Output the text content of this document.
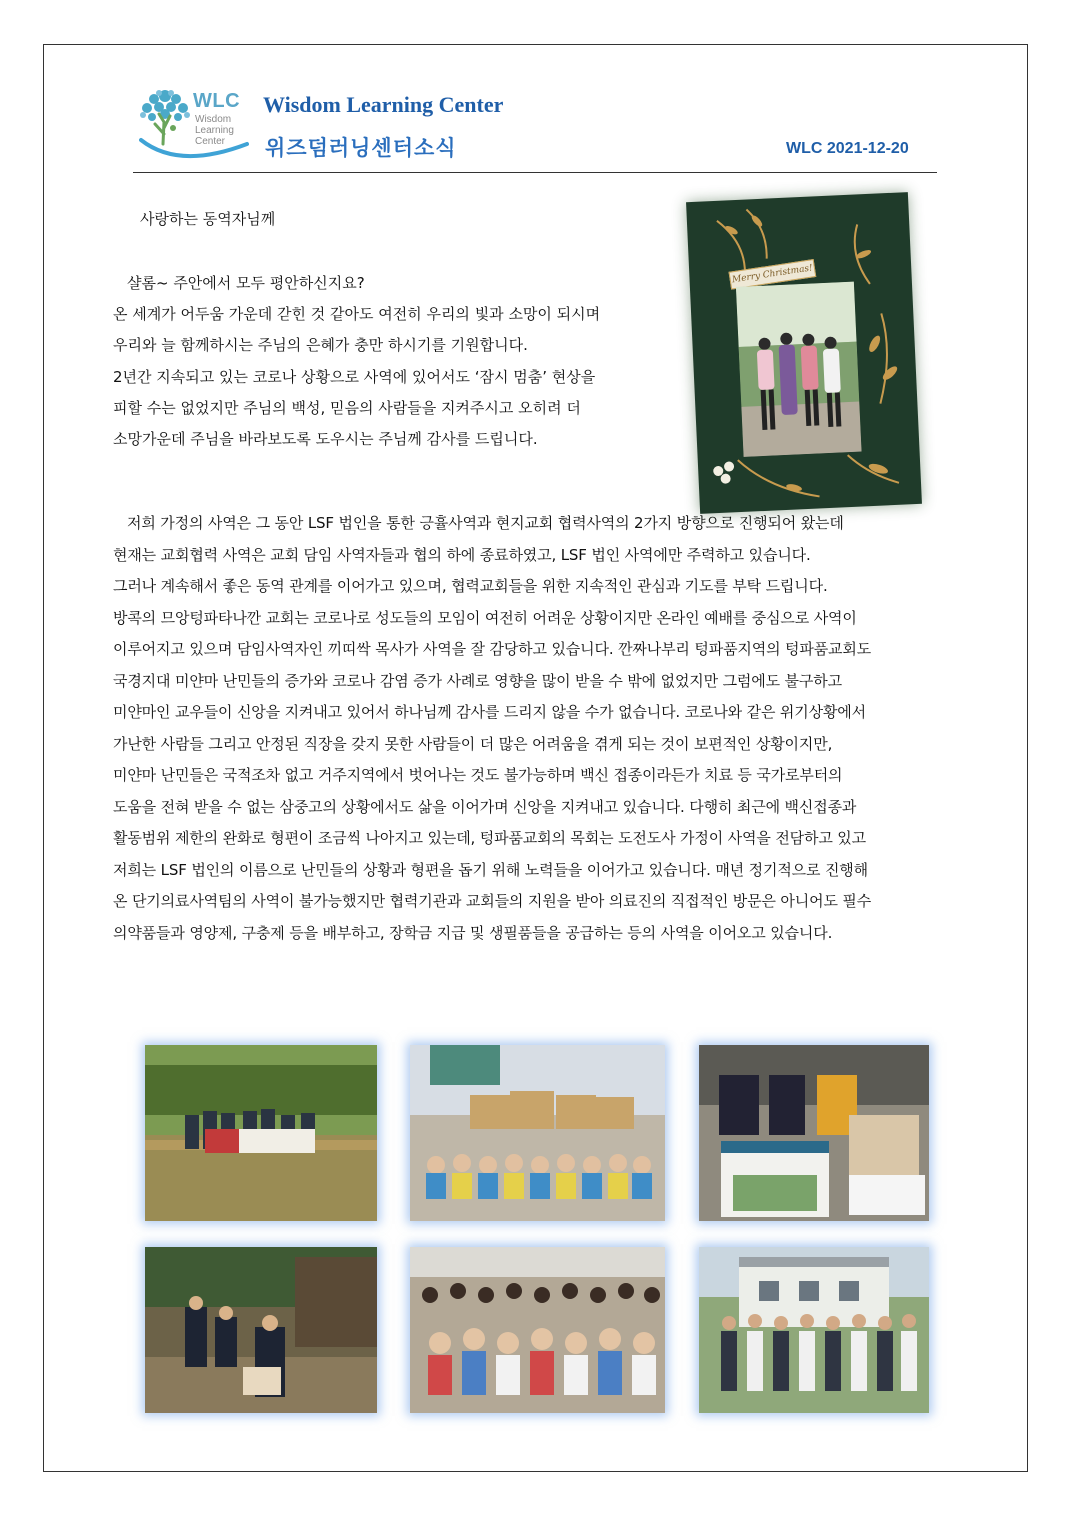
WLC
Wisdom
Learning
Center
Wisdom Learning Center
위즈덤러닝센터소식	WLC 2021-12-20
사랑하는 동역자님께

샬롬~ 주안에서 모두 평안하신지요?

온 세계가 어두움 가운데 갇힌 것 같아도 여전히 우리의 빛과 소망이 되시며

우리와 늘 함께하시는 주님의 은혜가 충만 하시기를 기원합니다.

2년간 지속되고 있는 코로나 상황으로 사역에 있어서도 ‘잠시 멈춤’ 현상을

피할 수는 없었지만 주님의 백성, 믿음의 사람들을 지켜주시고 오히려 더

소망가운데 주님을 바라보도록 도우시는 주님께 감사를 드립니다.

저희 가정의 사역은 그 동안 LSF 법인을 통한 긍휼사역과 현지교회 협력사역의 2가지 방향으로 진행되어 왔는데

현재는 교회협력 사역은 교회 담임 사역자들과 협의 하에 종료하였고, LSF 법인 사역에만 주력하고 있습니다.

그러나 계속해서 좋은 동역 관계를 이어가고 있으며, 협력교회들을 위한 지속적인 관심과 기도를 부탁 드립니다.

방콕의 므앙텅파타나깐 교회는 코로나로 성도들의 모임이 여전히 어려운 상황이지만 온라인 예배를 중심으로 사역이

이루어지고 있으며 담임사역자인 끼띠싹 목사가 사역을 잘 감당하고 있습니다. 깐짜나부리 텅파품지역의 텅파품교회도

국경지대 미얀마 난민들의 증가와 코로나 감염 증가 사례로 영향을 많이 받을 수 밖에 없었지만 그럼에도 불구하고

미얀마인 교우들이 신앙을 지켜내고 있어서 하나님께 감사를 드리지 않을 수가 없습니다. 코로나와 같은 위기상황에서

가난한 사람들 그리고 안정된 직장을 갖지 못한 사람들이 더 많은 어려움을 겪게 되는 것이 보편적인 상황이지만,

미얀마 난민들은 국적조차 없고 거주지역에서 벗어나는 것도 불가능하며 백신 접종이라든가 치료 등 국가로부터의

도움을 전혀 받을 수 없는 삼중고의 상황에서도 삶을 이어가며 신앙을 지켜내고 있습니다. 다행히 최근에 백신접종과

활동범위 제한의 완화로 형편이 조금씩 나아지고 있는데, 텅파품교회의 목회는 도전도사 가정이 사역을 전담하고 있고

저희는 LSF 법인의 이름으로 난민들의 상황과 형편을 돕기 위해 노력들을 이어가고 있습니다. 매년 정기적으로 진행해

온 단기의료사역팀의 사역이 불가능했지만 협력기관과 교회들의 지원을 받아 의료진의 직접적인 방문은 아니어도 필수

의약품들과 영양제, 구충제 등을 배부하고, 장학금 지급 및 생필품들을 공급하는 등의 사역을 이어오고 있습니다.

Merry Christmas!
